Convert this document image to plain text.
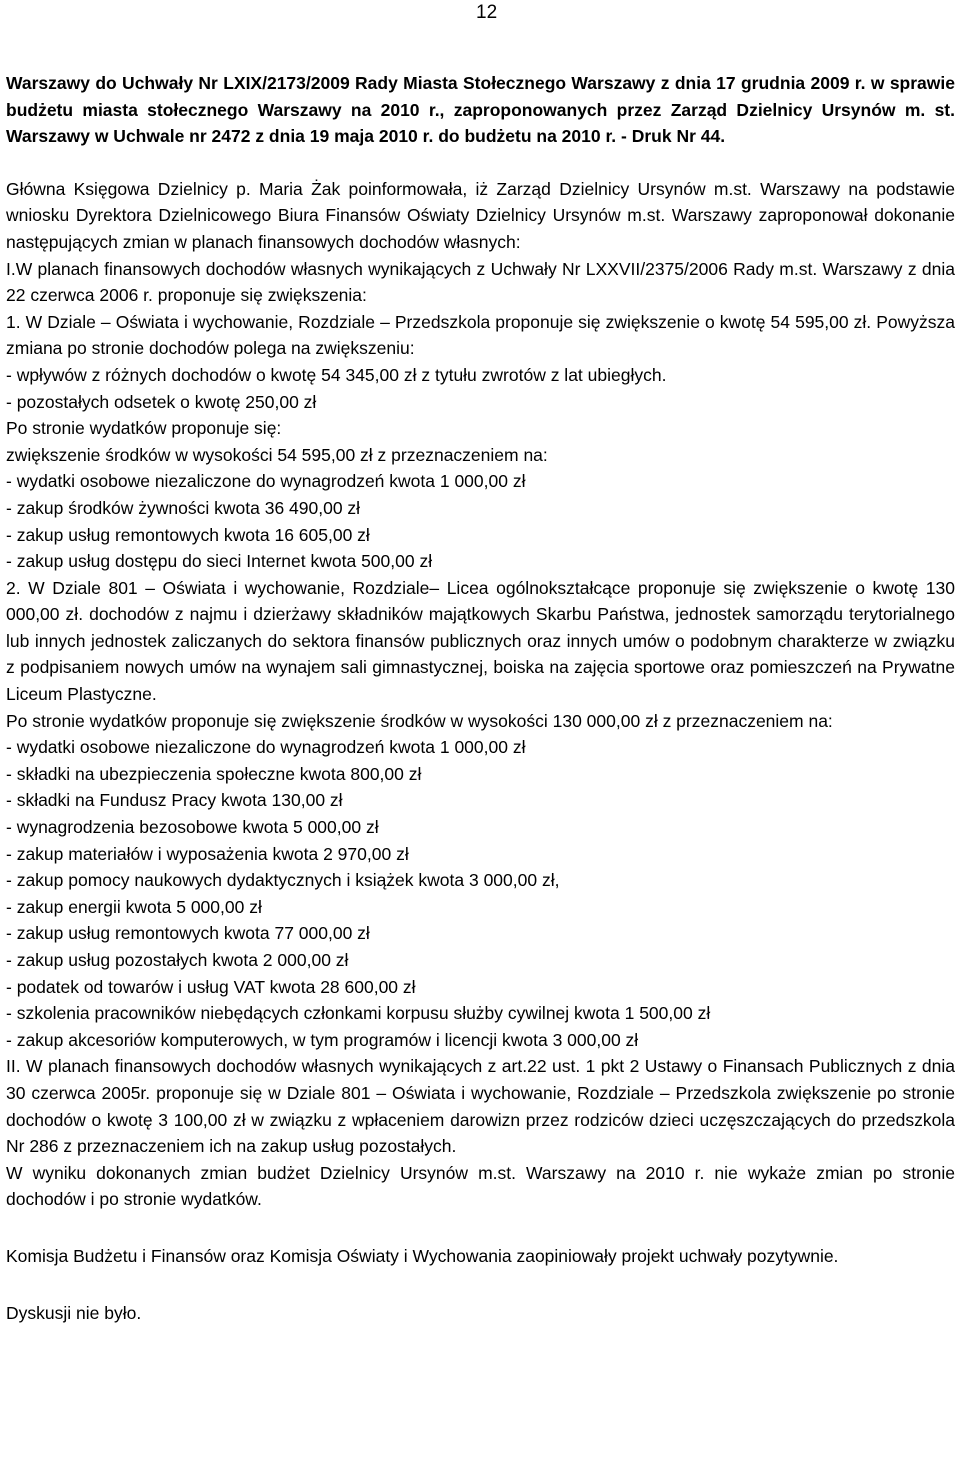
12

Warszawy do Uchwały Nr LXIX/2173/2009 Rady Miasta Stołecznego Warszawy z dnia 17 grudnia 2009 r. w sprawie budżetu miasta stołecznego Warszawy na 2010 r., zaproponowanych przez Zarząd Dzielnicy Ursynów m. st. Warszawy w Uchwale nr 2472 z dnia 19 maja 2010 r. do budżetu na 2010 r. - Druk Nr 44.

Główna Księgowa Dzielnicy p. Maria Żak poinformowała, iż Zarząd Dzielnicy Ursynów m.st. Warszawy na podstawie wniosku Dyrektora Dzielnicowego Biura Finansów Oświaty Dzielnicy Ursynów m.st. Warszawy zaproponował dokonanie następujących zmian w planach finansowych dochodów własnych:

I.W planach finansowych dochodów własnych wynikających z Uchwały Nr LXXVII/2375/2006 Rady m.st. Warszawy z dnia 22 czerwca 2006 r. proponuje się zwiększenia:

1. W Dziale – Oświata i wychowanie, Rozdziale – Przedszkola proponuje się zwiększenie o kwotę 54 595,00 zł. Powyższa zmiana po stronie dochodów polega na zwiększeniu:

- wpływów z różnych dochodów o kwotę 54 345,00 zł z tytułu zwrotów z lat ubiegłych.

- pozostałych odsetek o kwotę 250,00 zł

Po stronie wydatków proponuje się:

zwiększenie środków w wysokości 54 595,00 zł z przeznaczeniem na:

- wydatki osobowe niezaliczone do wynagrodzeń kwota 1 000,00 zł

- zakup środków żywności kwota 36 490,00 zł

- zakup usług remontowych kwota 16 605,00 zł

- zakup usług dostępu do sieci Internet kwota 500,00 zł

2. W Dziale 801 – Oświata i wychowanie, Rozdziale– Licea ogólnokształcące proponuje się zwiększenie o kwotę 130 000,00 zł. dochodów z najmu i dzierżawy składników majątkowych Skarbu Państwa, jednostek samorządu terytorialnego lub innych jednostek zaliczanych do sektora finansów publicznych oraz innych umów o podobnym charakterze w związku z podpisaniem nowych umów na wynajem sali gimnastycznej, boiska na zajęcia sportowe oraz pomieszczeń na Prywatne Liceum Plastyczne.

Po stronie wydatków proponuje się zwiększenie środków w wysokości 130 000,00 zł z przeznaczeniem na:

- wydatki osobowe niezaliczone do wynagrodzeń kwota 1 000,00 zł

- składki na ubezpieczenia społeczne kwota 800,00 zł

- składki na Fundusz Pracy kwota 130,00 zł

- wynagrodzenia bezosobowe kwota 5 000,00 zł

- zakup materiałów i wyposażenia kwota 2 970,00 zł

- zakup pomocy naukowych dydaktycznych i książek kwota 3 000,00 zł,

- zakup energii kwota 5 000,00 zł

- zakup usług remontowych kwota 77 000,00 zł

- zakup usług pozostałych kwota 2 000,00 zł

- podatek od towarów i usług VAT kwota 28 600,00 zł

- szkolenia pracowników niebędących członkami korpusu służby cywilnej kwota 1 500,00 zł

- zakup akcesoriów komputerowych, w tym programów i licencji kwota 3 000,00 zł

II. W planach finansowych dochodów własnych wynikających z art.22 ust. 1 pkt 2 Ustawy o Finansach Publicznych z dnia 30 czerwca 2005r. proponuje się w Dziale 801 – Oświata i wychowanie, Rozdziale – Przedszkola zwiększenie po stronie dochodów o kwotę 3 100,00 zł w związku z wpłaceniem darowizn przez rodziców dzieci uczęszczających do przedszkola Nr 286 z przeznaczeniem ich na zakup usług pozostałych.

W wyniku dokonanych zmian budżet Dzielnicy Ursynów m.st. Warszawy na 2010 r. nie wykaże zmian po stronie dochodów i po stronie wydatków.

Komisja Budżetu i Finansów oraz Komisja Oświaty i Wychowania zaopiniowały projekt uchwały pozytywnie.

Dyskusji nie było.
